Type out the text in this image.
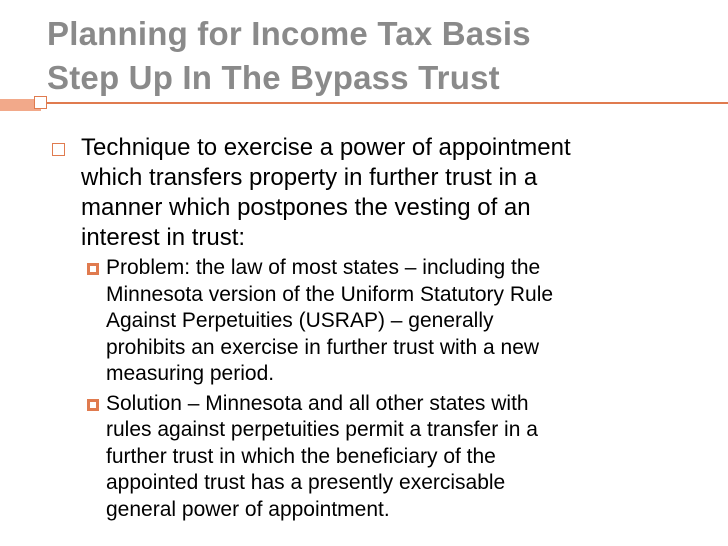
Planning for Income Tax Basis
Step Up In The Bypass Trust
Technique to exercise a power of appointment
which transfers property in further trust in a
manner which postpones the vesting of an
interest in trust:
Problem: the law of most states – including the
Minnesota version of the Uniform Statutory Rule
Against Perpetuities (USRAP) – generally
prohibits an exercise in further trust with a new
measuring period.
Solution – Minnesota and all other states with
rules against perpetuities permit a transfer in a
further trust in which the beneficiary of the
appointed trust has a presently exercisable
general power of appointment.
